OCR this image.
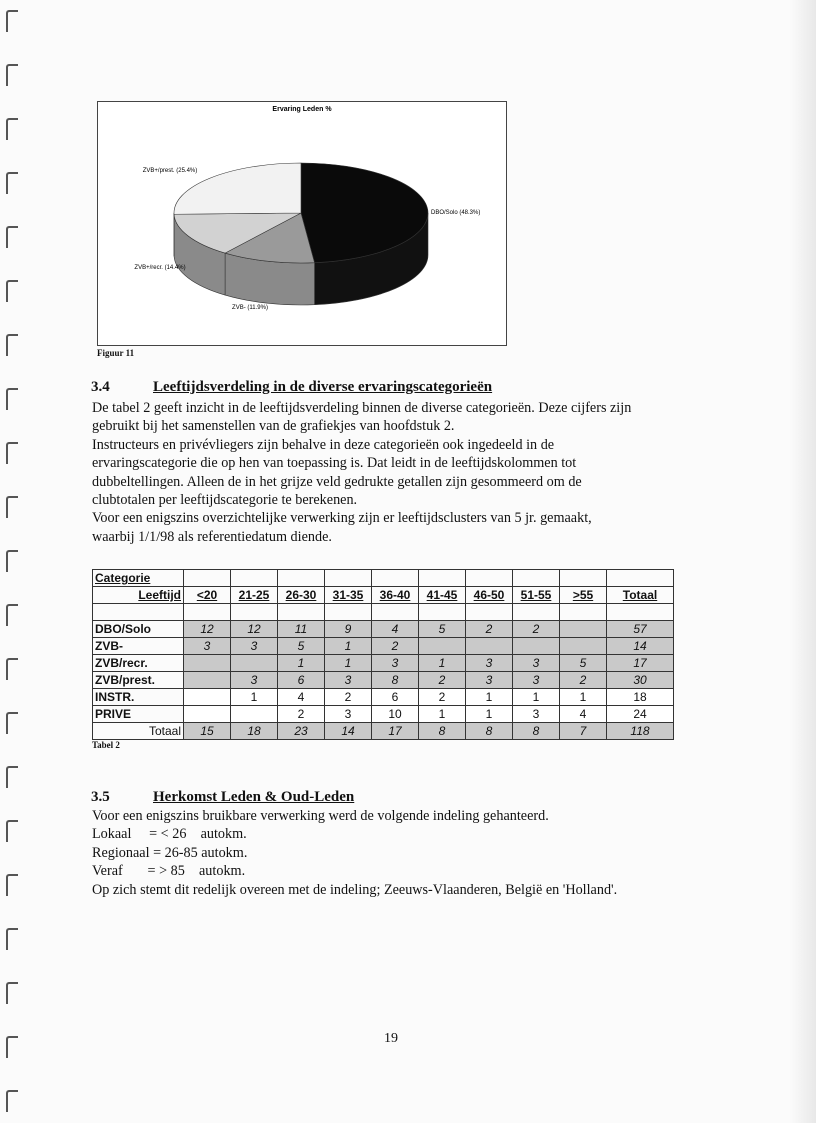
Ervaring Leden %
DBO/Solo (48.3%)
ZVB- (11.9%)
ZVB+/recr. (14.4%)
ZVB+/prest. (25.4%)
Figuur 11
3.4	Leeftijdsverdeling in de diverse ervaringscategorieën
De tabel 2 geeft inzicht in de leeftijdsverdeling binnen de diverse categorieën. Deze cijfers zijn
gebruikt bij het samenstellen van de grafiekjes van hoofdstuk 2.
Instructeurs en privévliegers zijn behalve in deze categorieën ook ingedeeld in de
ervaringscategorie die op hen van toepassing is. Dat leidt in de leeftijdskolommen tot
dubbeltellingen. Alleen de in het grijze veld gedrukte getallen zijn gesommeerd om de
clubtotalen per leeftijdscategorie te berekenen.
Voor een enigszins overzichtelijke verwerking zijn er leeftijdsclusters van 5 jr. gemaakt,
waarbij 1/1/98 als referentiedatum diende.
Categorie										
Leeftijd	<20	21-25	26-30	31-35	36-40	41-45	46-50	51-55	>55	Totaal

DBO/Solo	12	12	11	9	4	5	2	2		57
ZVB-	3	3	5	1	2					14
ZVB/recr.			1	1	3	1	3	3	5	17
ZVB/prest.		3	6	3	8	2	3	3	2	30
INSTR.		1	4	2	6	2	1	1	1	18
PRIVE			2	3	10	1	1	3	4	24
Totaal	15	18	23	14	17	8	8	8	7	118
Tabel 2
3.5	Herkomst Leden & Oud-Leden
Voor een enigszins bruikbare verwerking werd de volgende indeling gehanteerd.
Lokaal     = < 26    autokm.
Regionaal = 26-85 autokm.
Veraf       = > 85    autokm.
Op zich stemt dit redelijk overeen met de indeling; Zeeuws-Vlaanderen, België en 'Holland'.
19
